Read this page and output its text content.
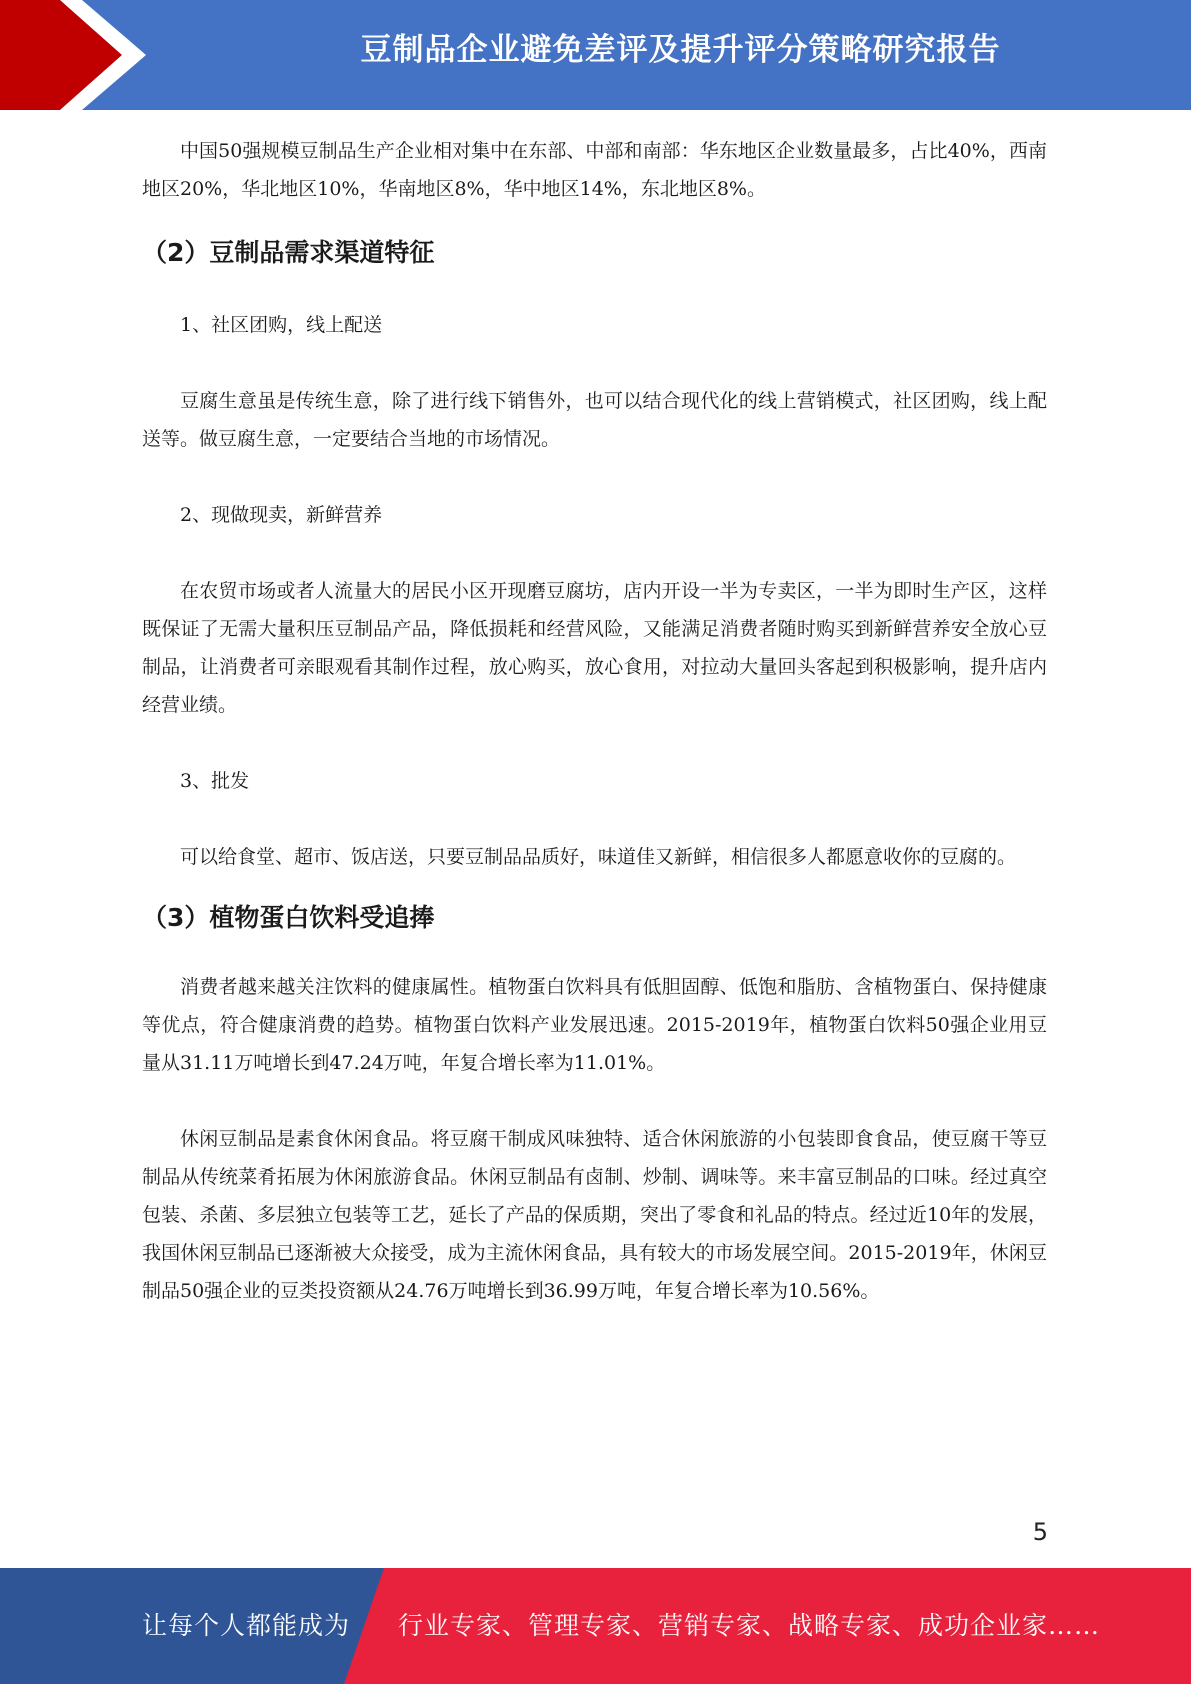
豆制品企业避免差评及提升评分策略研究报告

中国50强规模豆制品生产企业相对集中在东部、中部和南部：华东地区企业数量最多，占比40%，西南地区20%，华北地区10%，华南地区8%，华中地区14%，东北地区8%。

（2）豆制品需求渠道特征

1、社区团购，线上配送

豆腐生意虽是传统生意，除了进行线下销售外，也可以结合现代化的线上营销模式，社区团购，线上配送等。做豆腐生意，一定要结合当地的市场情况。

2、现做现卖，新鲜营养

在农贸市场或者人流量大的居民小区开现磨豆腐坊，店内开设一半为专卖区，一半为即时生产区，这样既保证了无需大量积压豆制品产品，降低损耗和经营风险，又能满足消费者随时购买到新鲜营养安全放心豆制品，让消费者可亲眼观看其制作过程，放心购买，放心食用，对拉动大量回头客起到积极影响，提升店内经营业绩。

3、批发

可以给食堂、超市、饭店送，只要豆制品品质好，味道佳又新鲜，相信很多人都愿意收你的豆腐的。

（3）植物蛋白饮料受追捧

消费者越来越关注饮料的健康属性。植物蛋白饮料具有低胆固醇、低饱和脂肪、含植物蛋白、保持健康等优点，符合健康消费的趋势。植物蛋白饮料产业发展迅速。2015-2019年，植物蛋白饮料50强企业用豆量从31.11万吨增长到47.24万吨，年复合增长率为11.01%。

休闲豆制品是素食休闲食品。将豆腐干制成风味独特、适合休闲旅游的小包装即食食品，使豆腐干等豆制品从传统菜肴拓展为休闲旅游食品。休闲豆制品有卤制、炒制、调味等。来丰富豆制品的口味。经过真空包装、杀菌、多层独立包装等工艺，延长了产品的保质期，突出了零食和礼品的特点。经过近10年的发展，我国休闲豆制品已逐渐被大众接受，成为主流休闲食品，具有较大的市场发展空间。2015-2019年，休闲豆制品50强企业的豆类投资额从24.76万吨增长到36.99万吨，年复合增长率为10.56%。

5
让每个人都能成为 行业专家、管理专家、营销专家、战略专家、成功企业家……
